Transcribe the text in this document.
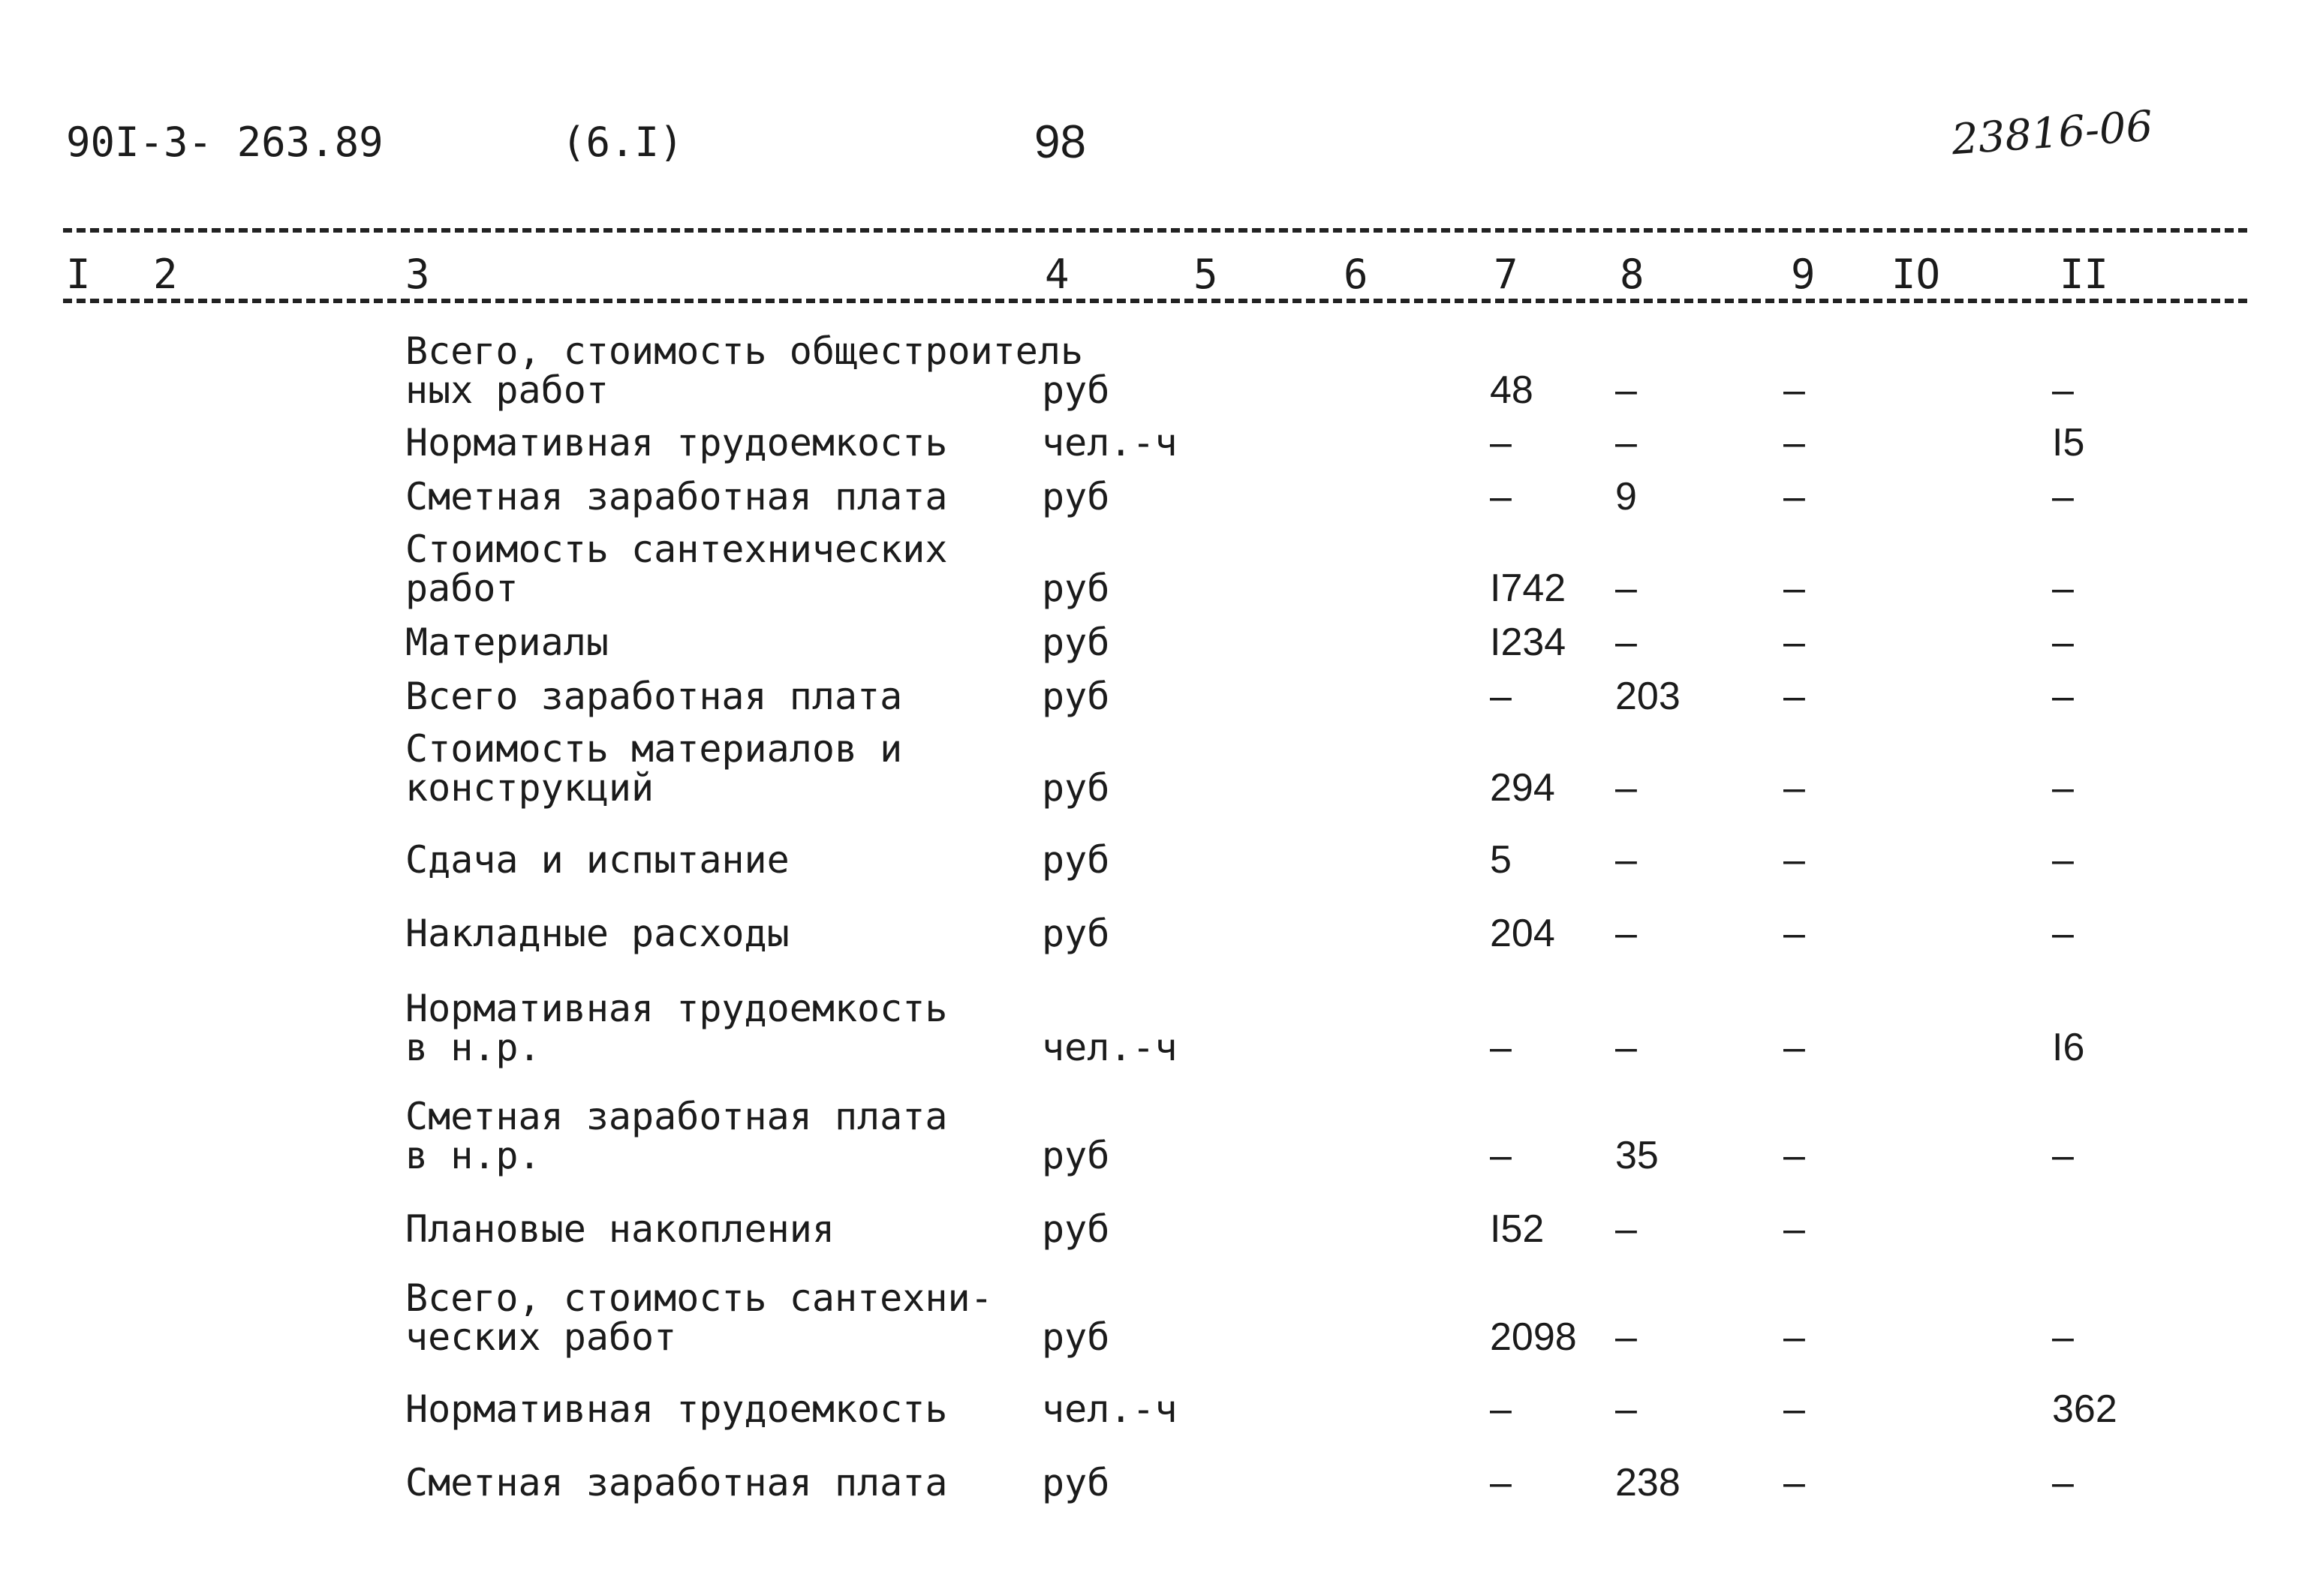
90I-3- 263.89	(6.I)	98	23816-06
I 2	3	4	5	6	7	8	9 IO	II
Всего, стоимость общестроитель
ных работ	руб	48 –	–	–
Нормативная трудоемкость	чел.-ч	–	–	–	I5
Сметная заработная плата	руб	–	9	–	–
Стоимость сантехнических
работ	руб	I742 –	–	–
Материалы	руб	I234 –	–	–
Всего заработная плата	руб	–	203	–	–
Стоимость материалов и
конструкций	руб	294 –	–	–
Сдача и испытание	руб	5	–	–	–
Накладные расходы	руб	204 –	–	–
Нормативная трудоемкость
в н.р.	чел.-ч	–	–	–	I6
Сметная заработная плата
в н.р.	руб	–	35	–	–
Плановые накопления	руб	I52 –	–
Всего, стоимость сантехни-
ческих работ	руб	2098 –	–	–
Нормативная трудоемкость	чел.-ч	–	–	–	362
Сметная заработная плата	руб	–	238	–	–
